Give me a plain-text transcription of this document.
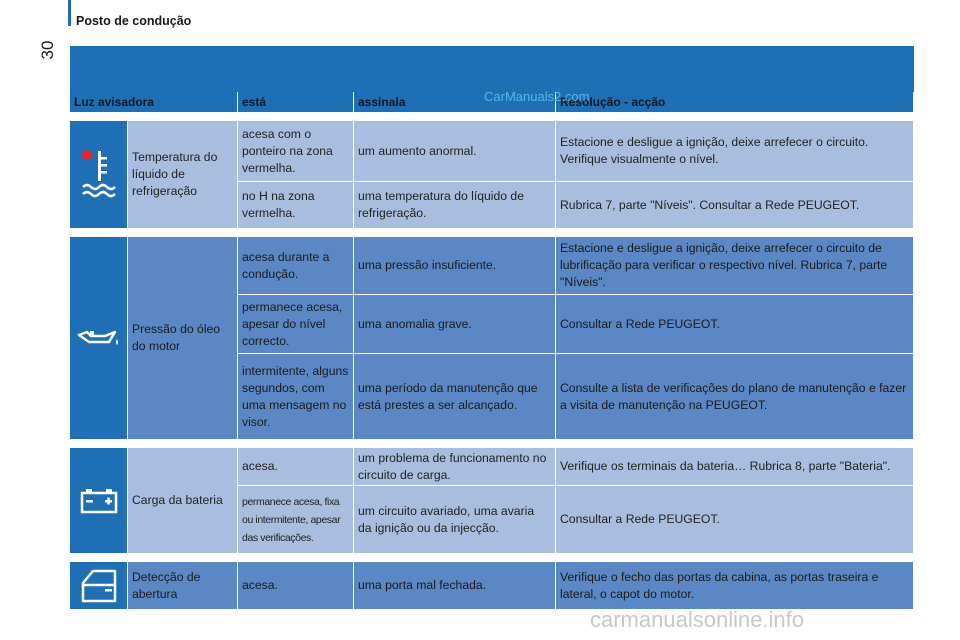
Posto de condução
30
Luz avisadora		está	assinala	Resolução - acção

	Temperatura do líquido de refrigeração	acesa com o ponteiro na zona vermelha.	um aumento anormal.	Estacione e desligue a ignição, deixe arrefecer o circuito. Verifique visualmente o nível.
		no H na zona vermelha.	uma temperatura do líquido de refrigeração.	Rubrica 7, parte "Níveis". Consultar a Rede PEUGEOT.

	Pressão do óleo do motor	acesa durante a condução.	uma pressão insuficiente.	Estacione e desligue a ignição, deixe arrefecer o circuito de lubrificação para verificar o respectivo nível. Rubrica 7, parte "Níveis".
		permanece acesa, apesar do nível correcto.	uma anomalia grave.	Consultar a Rede PEUGEOT.
		intermitente, alguns segundos, com uma mensagem no visor.	uma período da manutenção que está prestes a ser alcançado.	Consulte a lista de verificações do plano de manutenção e fazer a visita de manutenção na PEUGEOT.

	Carga da bateria	acesa.	um problema de funcionamento no circuito de carga.	Verifique os terminais da bateria… Rubrica 8, parte "Bateria".
		permanece acesa, fixa ou intermitente, apesar das verificações.	um circuito avariado, uma avaria da ignição ou da injecção.	Consultar a Rede PEUGEOT.

	Detecção de abertura	acesa.	uma porta mal fechada.	Verifique o fecho das portas da cabina, as portas traseira e lateral, o capot do motor.
CarManuals2.com
carmanualsonline.info
